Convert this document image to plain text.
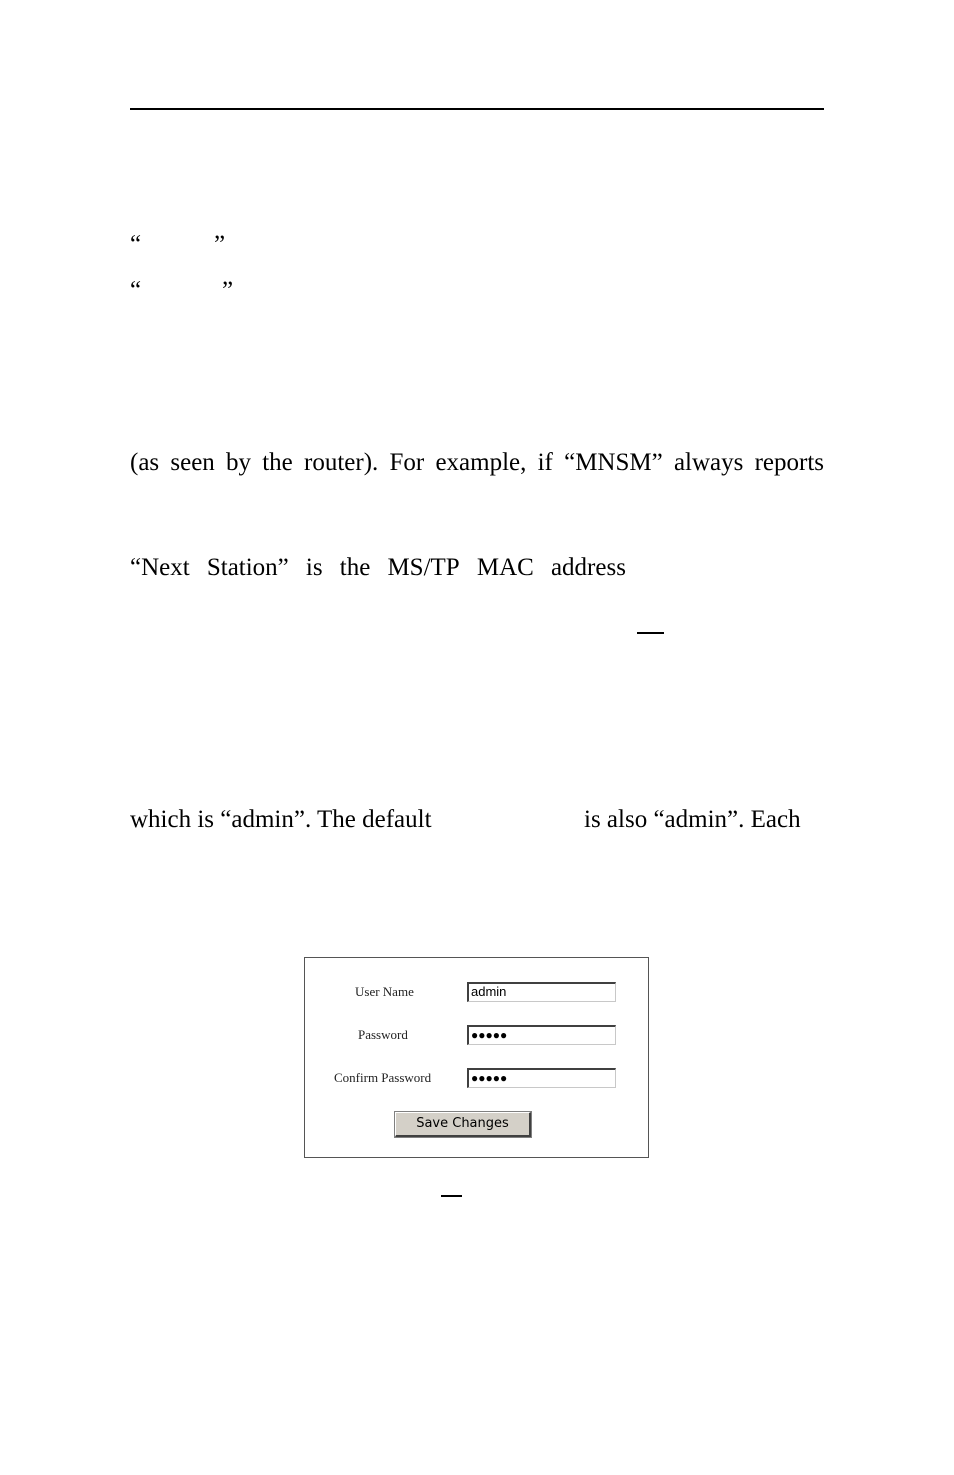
“	”
“	”
(as seen by the router). For example, if “MNSM” always reports
“Next Station” is the MS/TP MAC address
which is “admin”. The default	is also “admin”. Each
User Name	admin
Password	●●●●●
Confirm Password	●●●●●
Save Changes
